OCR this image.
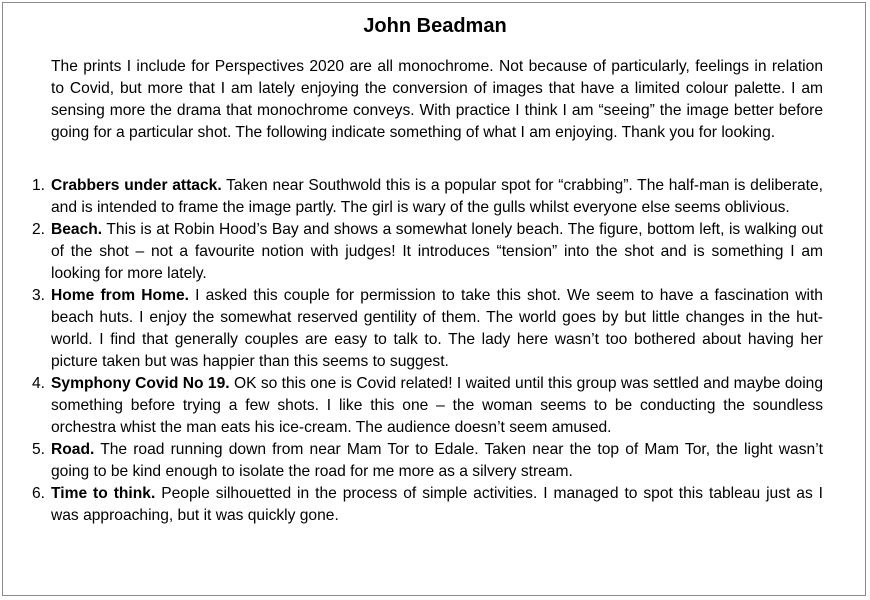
John Beadman

The prints I include for Perspectives 2020 are all monochrome. Not because of particularly, feelings in relation to Covid, but more that I am lately enjoying the conversion of images that have a limited colour palette. I am sensing more the drama that monochrome conveys. With practice I think I am “seeing” the image better before going for a particular shot. The following indicate something of what I am enjoying. Thank you for looking.

1. Crabbers under attack. Taken near Southwold this is a popular spot for “crabbing”. The half-man is deliberate, and is intended to frame the image partly. The girl is wary of the gulls whilst everyone else seems oblivious.
2. Beach. This is at Robin Hood’s Bay and shows a somewhat lonely beach. The figure, bottom left, is walking out of the shot – not a favourite notion with judges! It introduces “tension” into the shot and is something I am looking for more lately.
3. Home from Home. I asked this couple for permission to take this shot. We seem to have a fascination with beach huts. I enjoy the somewhat reserved gentility of them. The world goes by but little changes in the hut-world. I find that generally couples are easy to talk to. The lady here wasn’t too bothered about having her picture taken but was happier than this seems to suggest.
4. Symphony Covid No 19. OK so this one is Covid related! I waited until this group was settled and maybe doing something before trying a few shots. I like this one – the woman seems to be conducting the soundless orchestra whist the man eats his ice-cream. The audience doesn’t seem amused.
5. Road. The road running down from near Mam Tor to Edale. Taken near the top of Mam Tor, the light wasn’t going to be kind enough to isolate the road for me more as a silvery stream.
6. Time to think. People silhouetted in the process of simple activities. I managed to spot this tableau just as I was approaching, but it was quickly gone.
